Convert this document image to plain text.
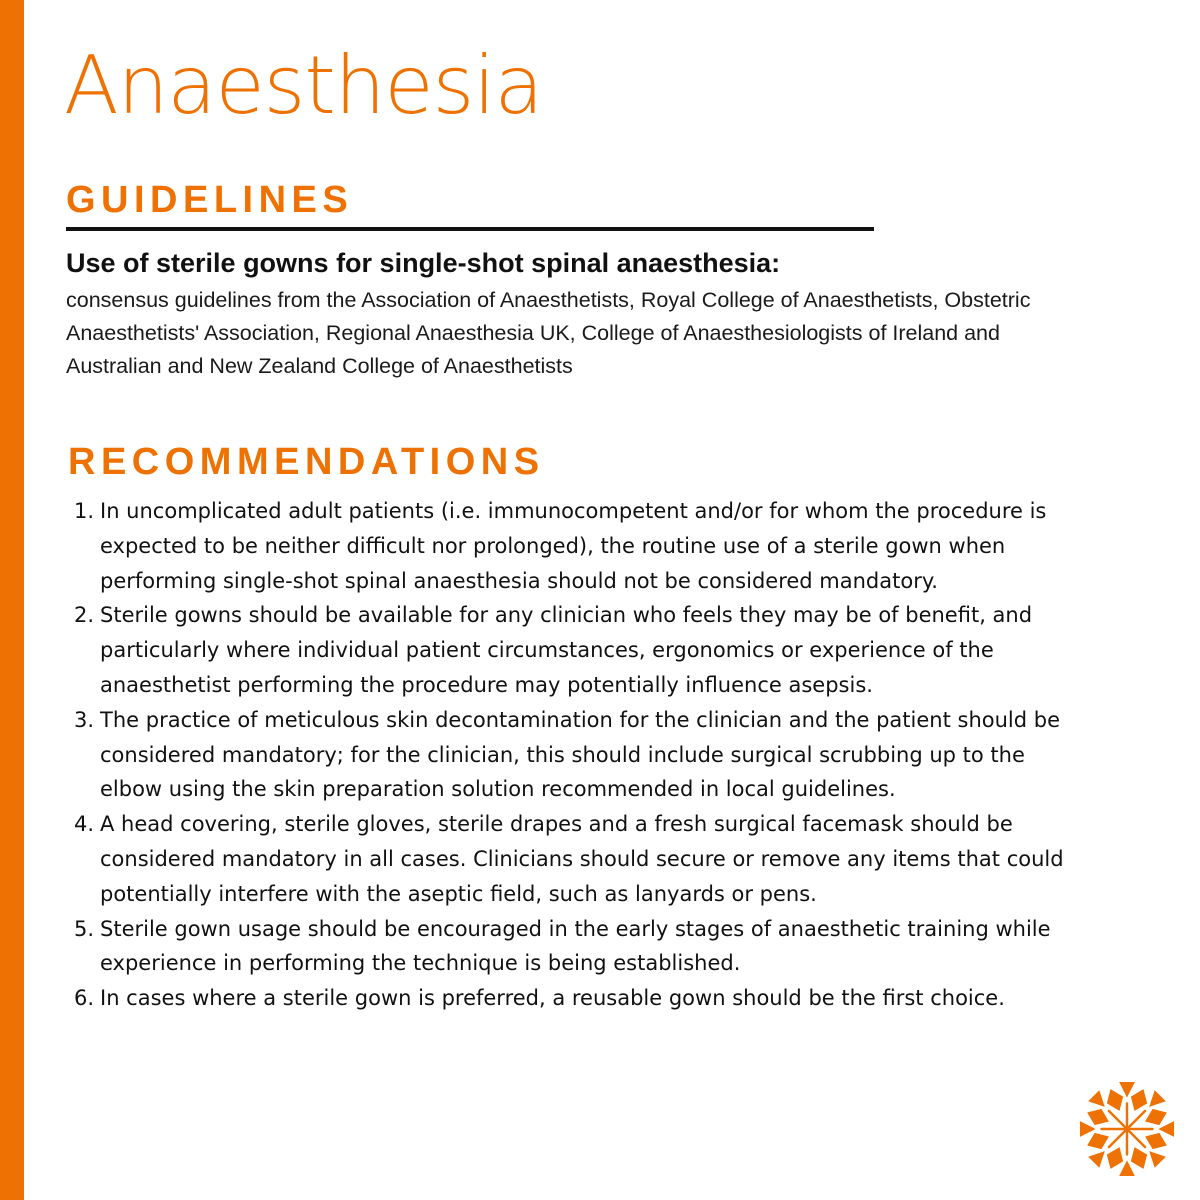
Anaesthesia
GUIDELINES
Use of sterile gowns for single-shot spinal anaesthesia:

consensus guidelines from the Association of Anaesthetists, Royal College of Anaesthetists, Obstetric Anaesthetists' Association, Regional Anaesthesia UK, College of Anaesthesiologists of Ireland and Australian and New Zealand College of Anaesthetists

RECOMMENDATIONS
1. In uncomplicated adult patients (i.e. immunocompetent and/or for whom the procedure is expected to be neither difficult nor prolonged), the routine use of a sterile gown when performing single-shot spinal anaesthesia should not be considered mandatory.
2. Sterile gowns should be available for any clinician who feels they may be of benefit, and particularly where individual patient circumstances, ergonomics or experience of the anaesthetist performing the procedure may potentially influence asepsis.
3. The practice of meticulous skin decontamination for the clinician and the patient should be considered mandatory; for the clinician, this should include surgical scrubbing up to the elbow using the skin preparation solution recommended in local guidelines.
4. A head covering, sterile gloves, sterile drapes and a fresh surgical facemask should be considered mandatory in all cases. Clinicians should secure or remove any items that could potentially interfere with the aseptic field, such as lanyards or pens.
5. Sterile gown usage should be encouraged in the early stages of anaesthetic training while experience in performing the technique is being established.
6. In cases where a sterile gown is preferred, a reusable gown should be the first choice.
